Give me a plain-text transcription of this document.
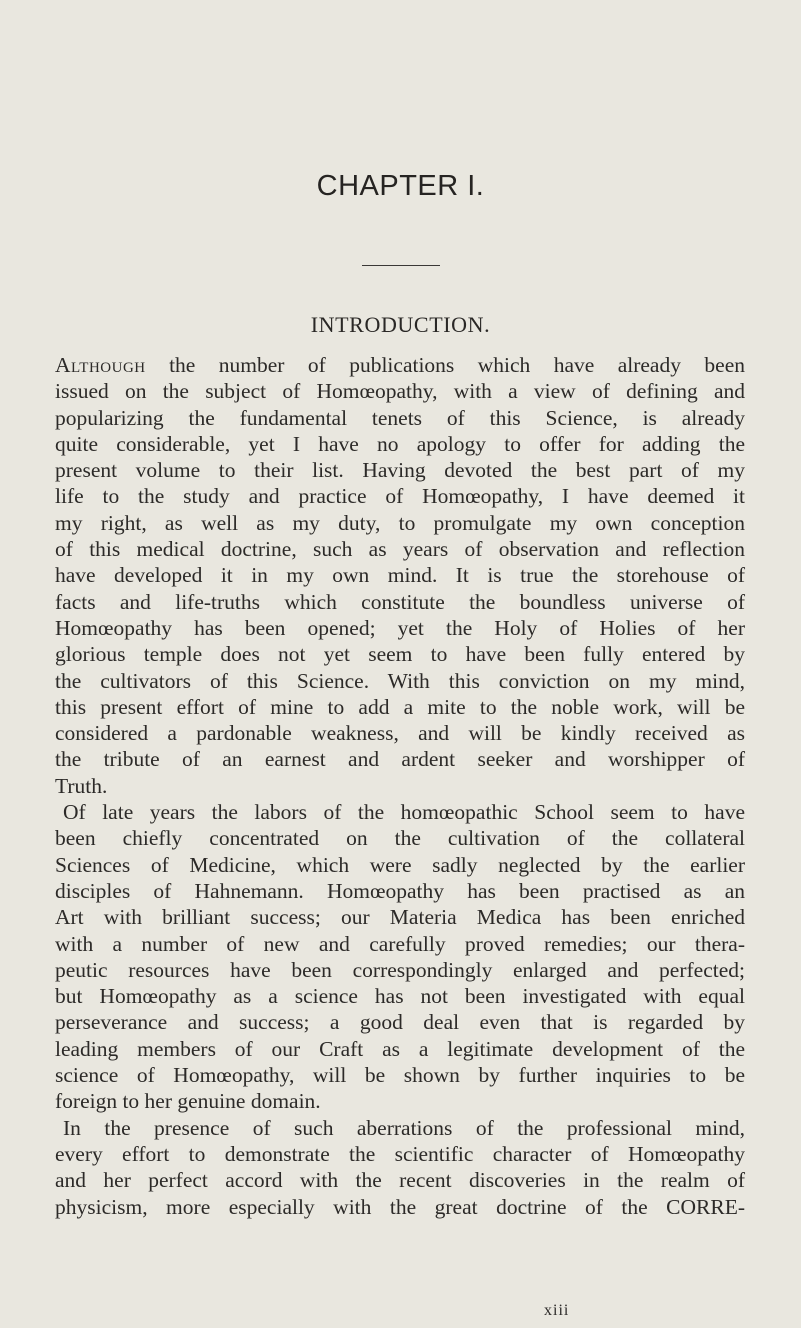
CHAPTER I.
INTRODUCTION.
Although the number of publications which have already been
issued on the subject of Homœopathy, with a view of defining and
popularizing the fundamental tenets of this Science, is already
quite considerable, yet I have no apology to offer for adding the
present volume to their list. Having devoted the best part of my
life to the study and practice of Homœopathy, I have deemed it
my right, as well as my duty, to promulgate my own conception
of this medical doctrine, such as years of observation and reflection
have developed it in my own mind. It is true the storehouse of
facts and life-truths which constitute the boundless universe of
Homœopathy has been opened; yet the Holy of Holies of her
glorious temple does not yet seem to have been fully entered by
the cultivators of this Science. With this conviction on my mind,
this present effort of mine to add a mite to the noble work, will be
considered a pardonable weakness, and will be kindly received as
the tribute of an earnest and ardent seeker and worshipper of
Truth.
Of late years the labors of the homœopathic School seem to have
been chiefly concentrated on the cultivation of the collateral
Sciences of Medicine, which were sadly neglected by the earlier
disciples of Hahnemann. Homœopathy has been practised as an
Art with brilliant success; our Materia Medica has been enriched
with a number of new and carefully proved remedies; our thera-
peutic resources have been correspondingly enlarged and perfected;
but Homœopathy as a science has not been investigated with equal
perseverance and success; a good deal even that is regarded by
leading members of our Craft as a legitimate development of the
science of Homœopathy, will be shown by further inquiries to be
foreign to her genuine domain.
In the presence of such aberrations of the professional mind,
every effort to demonstrate the scientific character of Homœopathy
and her perfect accord with the recent discoveries in the realm of
physicism, more especially with the great doctrine of the CORRE-
xiii
